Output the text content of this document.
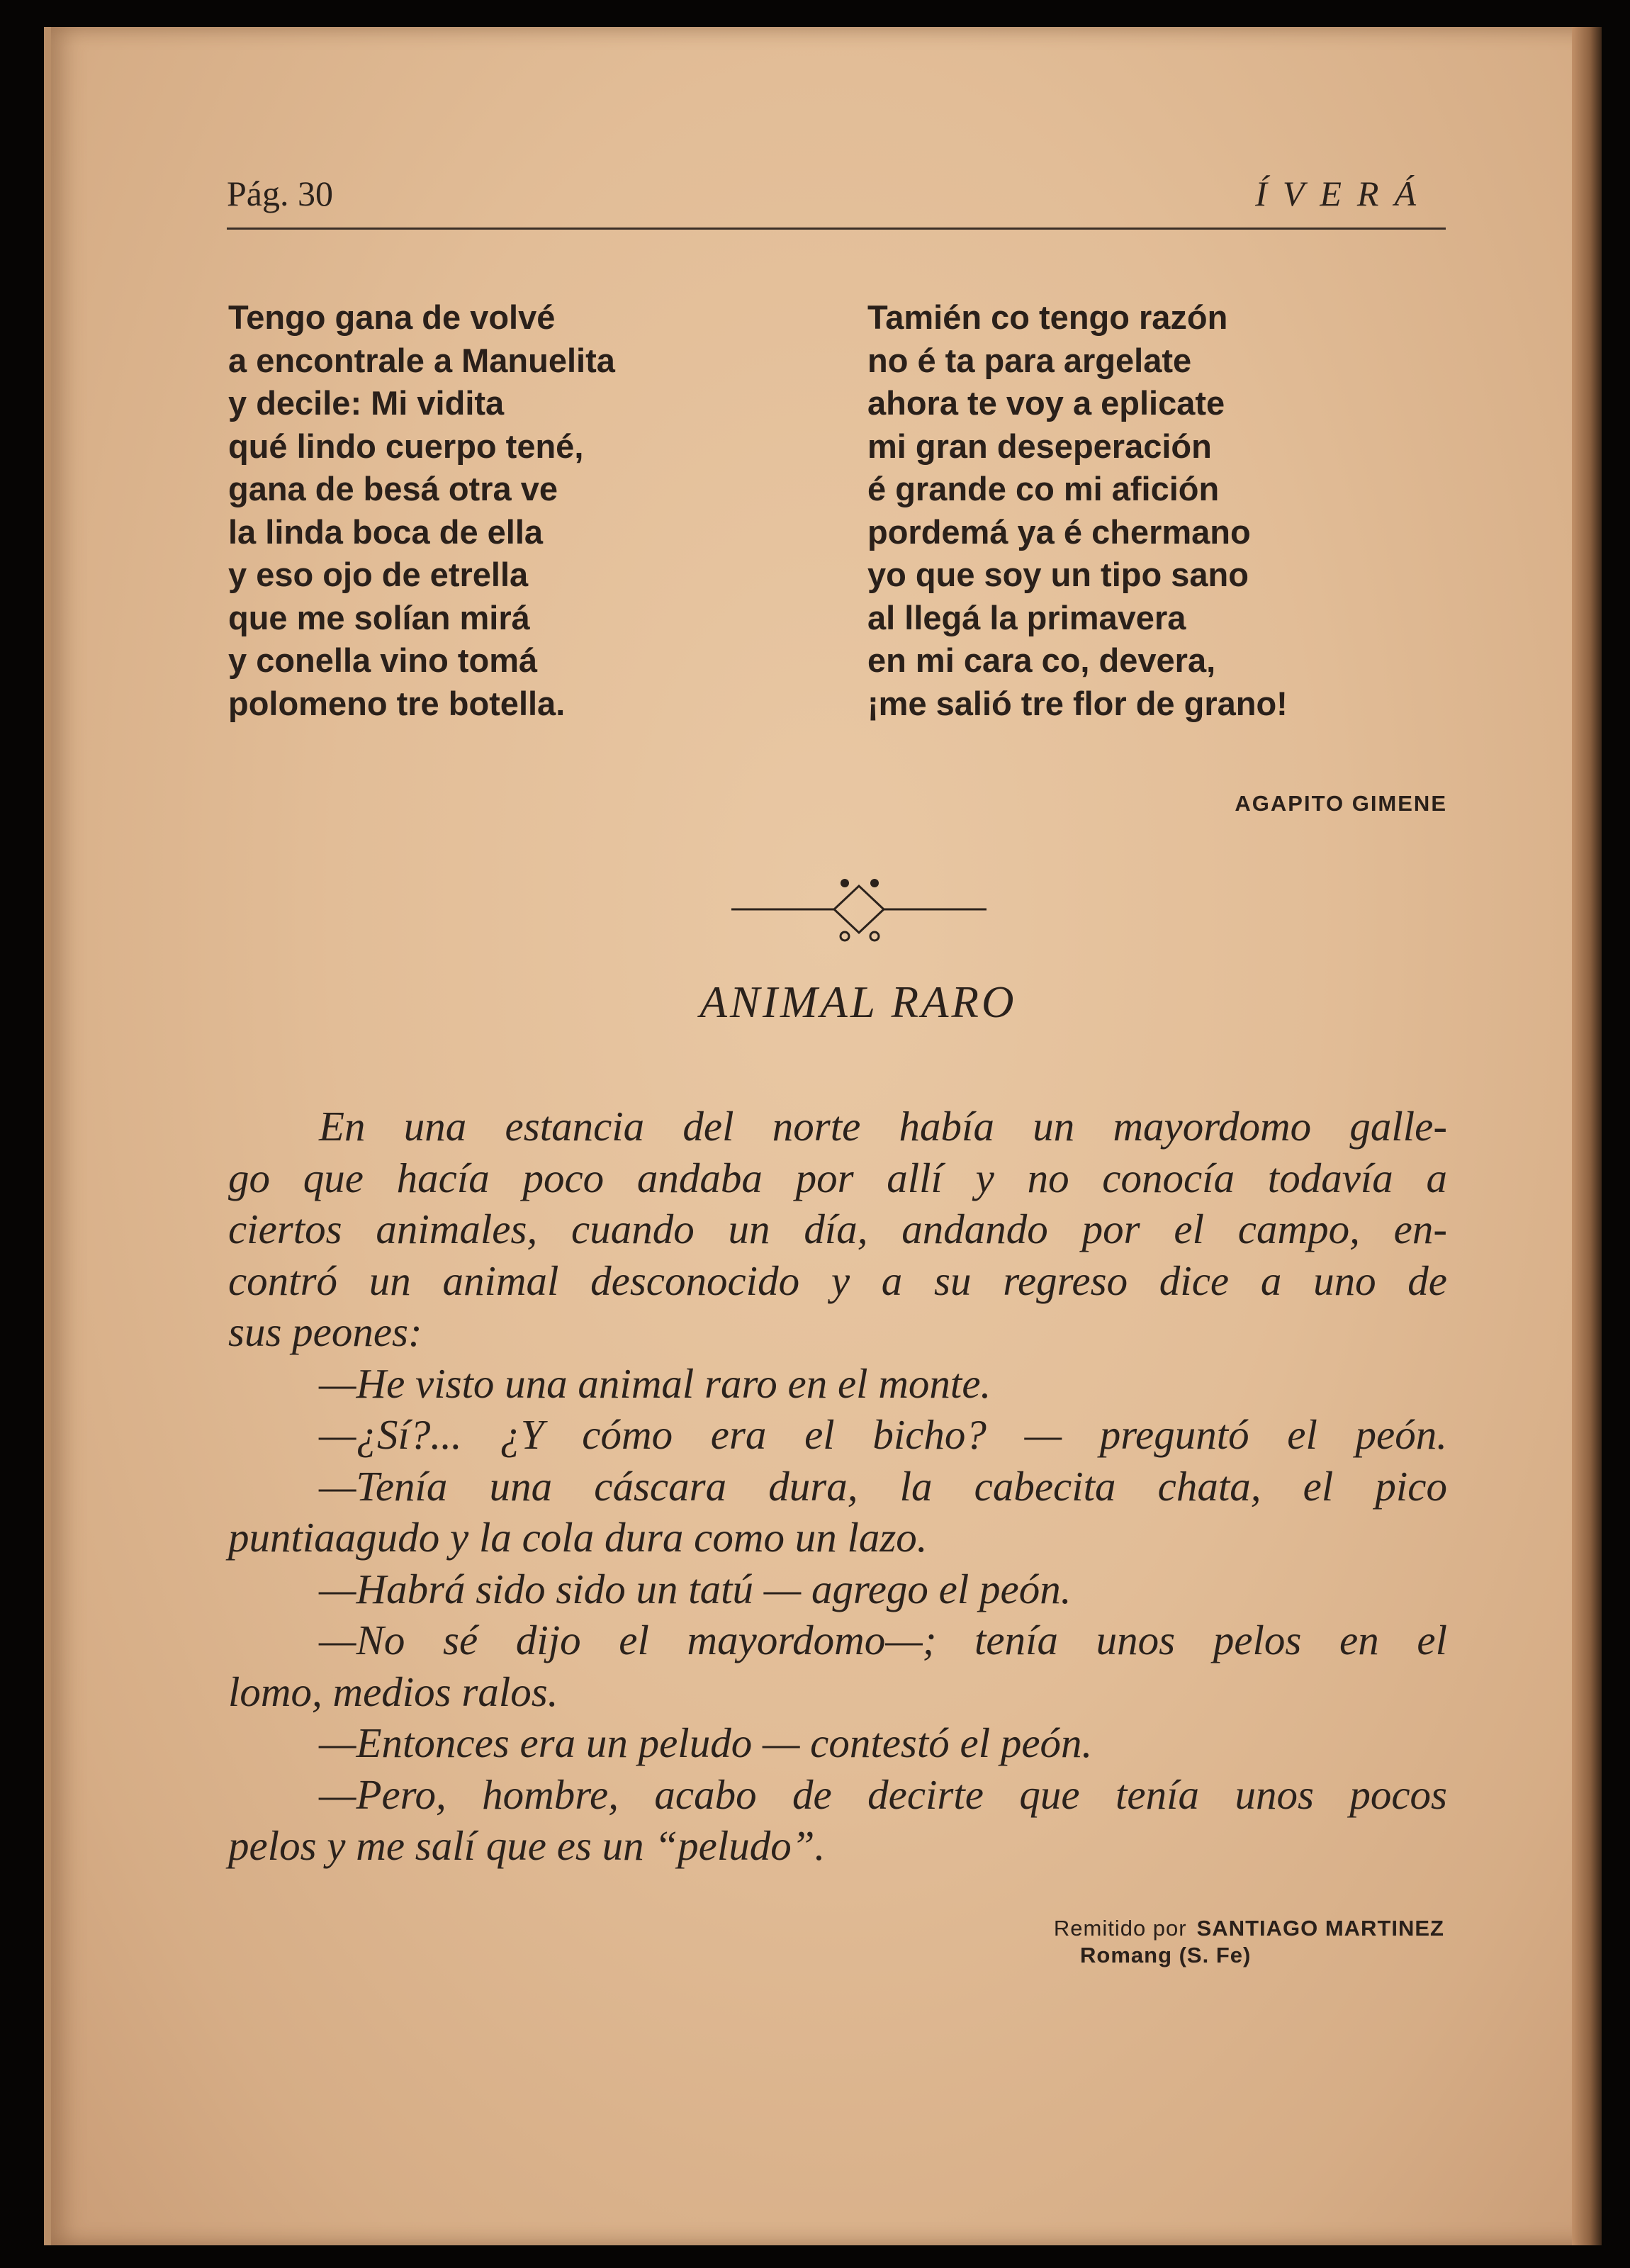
Pág. 30	ÍVERÁ
Tengo gana de volvé
a encontrale a Manuelita
y decile: Mi vidita
qué lindo cuerpo tené,
gana de besá otra ve
la linda boca de ella
y eso ojo de etrella
que me solían mirá
y conella vino tomá
polomeno tre botella.
Tamién co tengo razón
no é ta para argelate
ahora te voy a eplicate
mi gran deseperación
é grande co mi afición
pordemá ya é chermano
yo que soy un tipo sano
al llegá la primavera
en mi cara co, devera,
¡me salió tre flor de grano!
AGAPITO GIMENE
ANIMAL RARO
En una estancia del norte había un mayordomo galle-
go que hacía poco andaba por allí y no conocía todavía a
ciertos animales, cuando un día, andando por el campo, en-
contró un animal desconocido y a su regreso dice a uno de
sus peones:
—He visto una animal raro en el monte.
—¿Sí?... ¿Y cómo era el bicho? — preguntó el peón.
—Tenía una cáscara dura, la cabecita chata, el pico
puntiaagudo y la cola dura como un lazo.
—Habrá sido sido un tatú — agrego el peón.
—No sé dijo el mayordomo—; tenía unos pelos en el
lomo, medios ralos.
—Entonces era un peludo — contestó el peón.
—Pero, hombre, acabo de decirte que tenía unos pocos
pelos y me salí que es un “peludo”.
Remitido por SANTIAGO MARTINEZ
Romang (S. Fe)
